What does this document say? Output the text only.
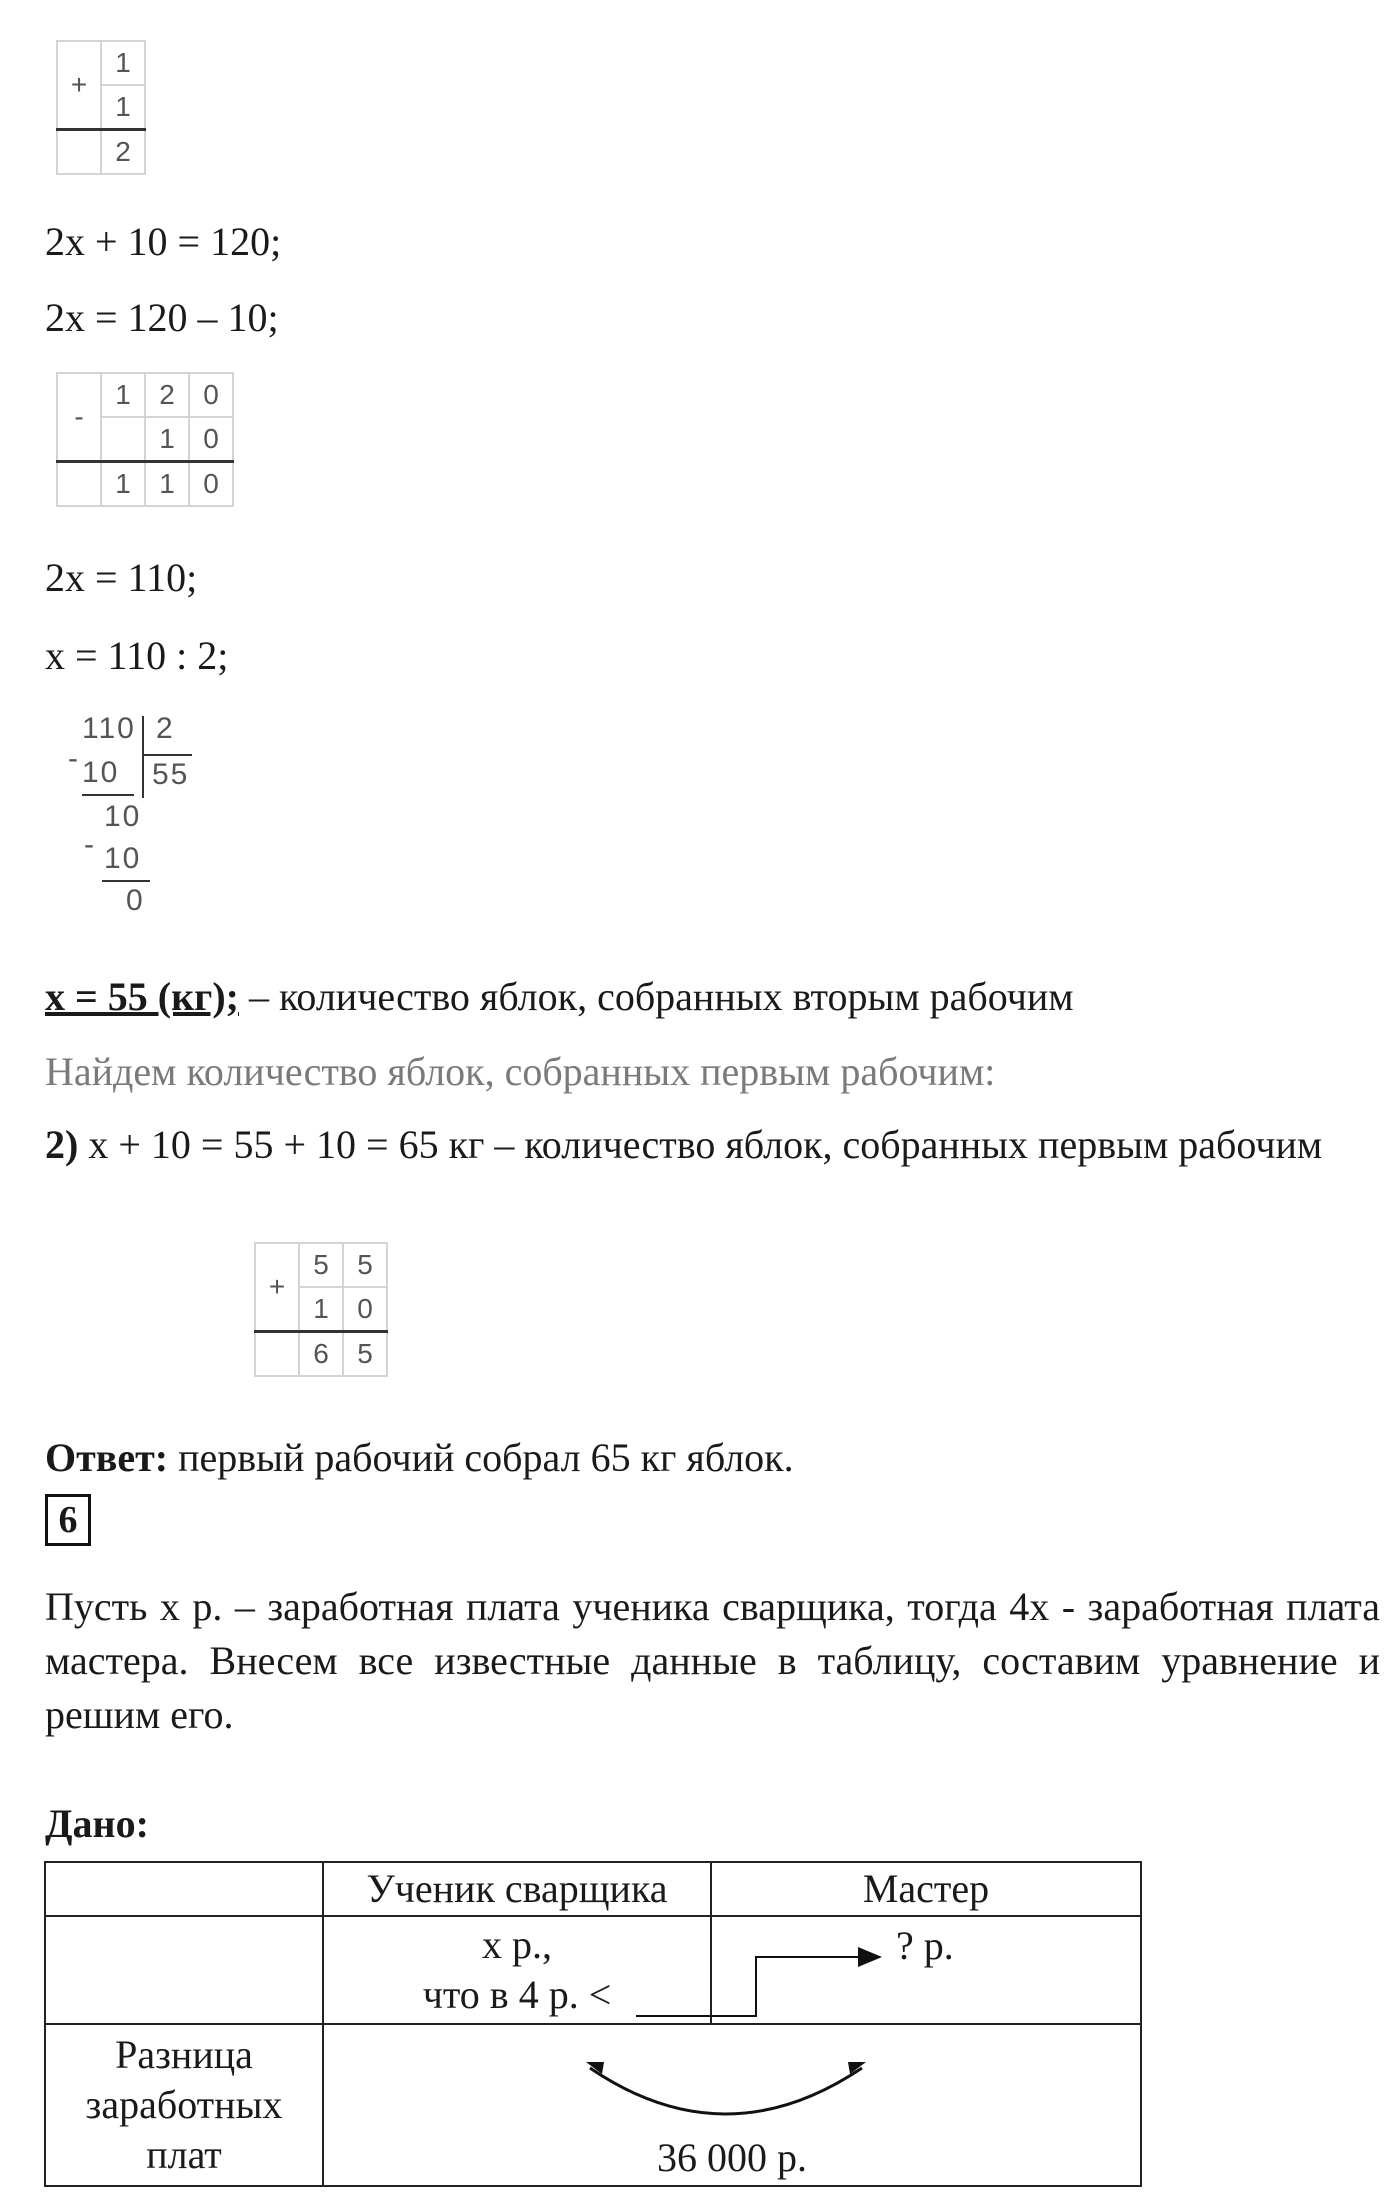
+	1
	1
	2
2х + 10 = 120;
2х = 120 – 10;
-	1	2	0
		1	0
	1	1	0
2х = 110;
х = 110 : 2;
110 2
- 10 55
10
- 10
0
х = 55 (кг); – количество яблок, собранных вторым рабочим
Найдем количество яблок, собранных первым рабочим:
2) х + 10 = 55 + 10 = 65 кг – количество яблок, собранных первым рабочим
+	5	5
	1	0
	6	5
Ответ: первый рабочий собрал 65 кг яблок.
6
Пусть х р. – заработная плата ученика сварщика, тогда 4х - заработная плата мастера. Внесем все известные данные в таблицу, составим уравнение и решим его.
Дано:
	Ученик сварщика	Мастер

	х р.,
что в 4 р. <	? р.

Разница
заработных
плат	36 000 р.	
